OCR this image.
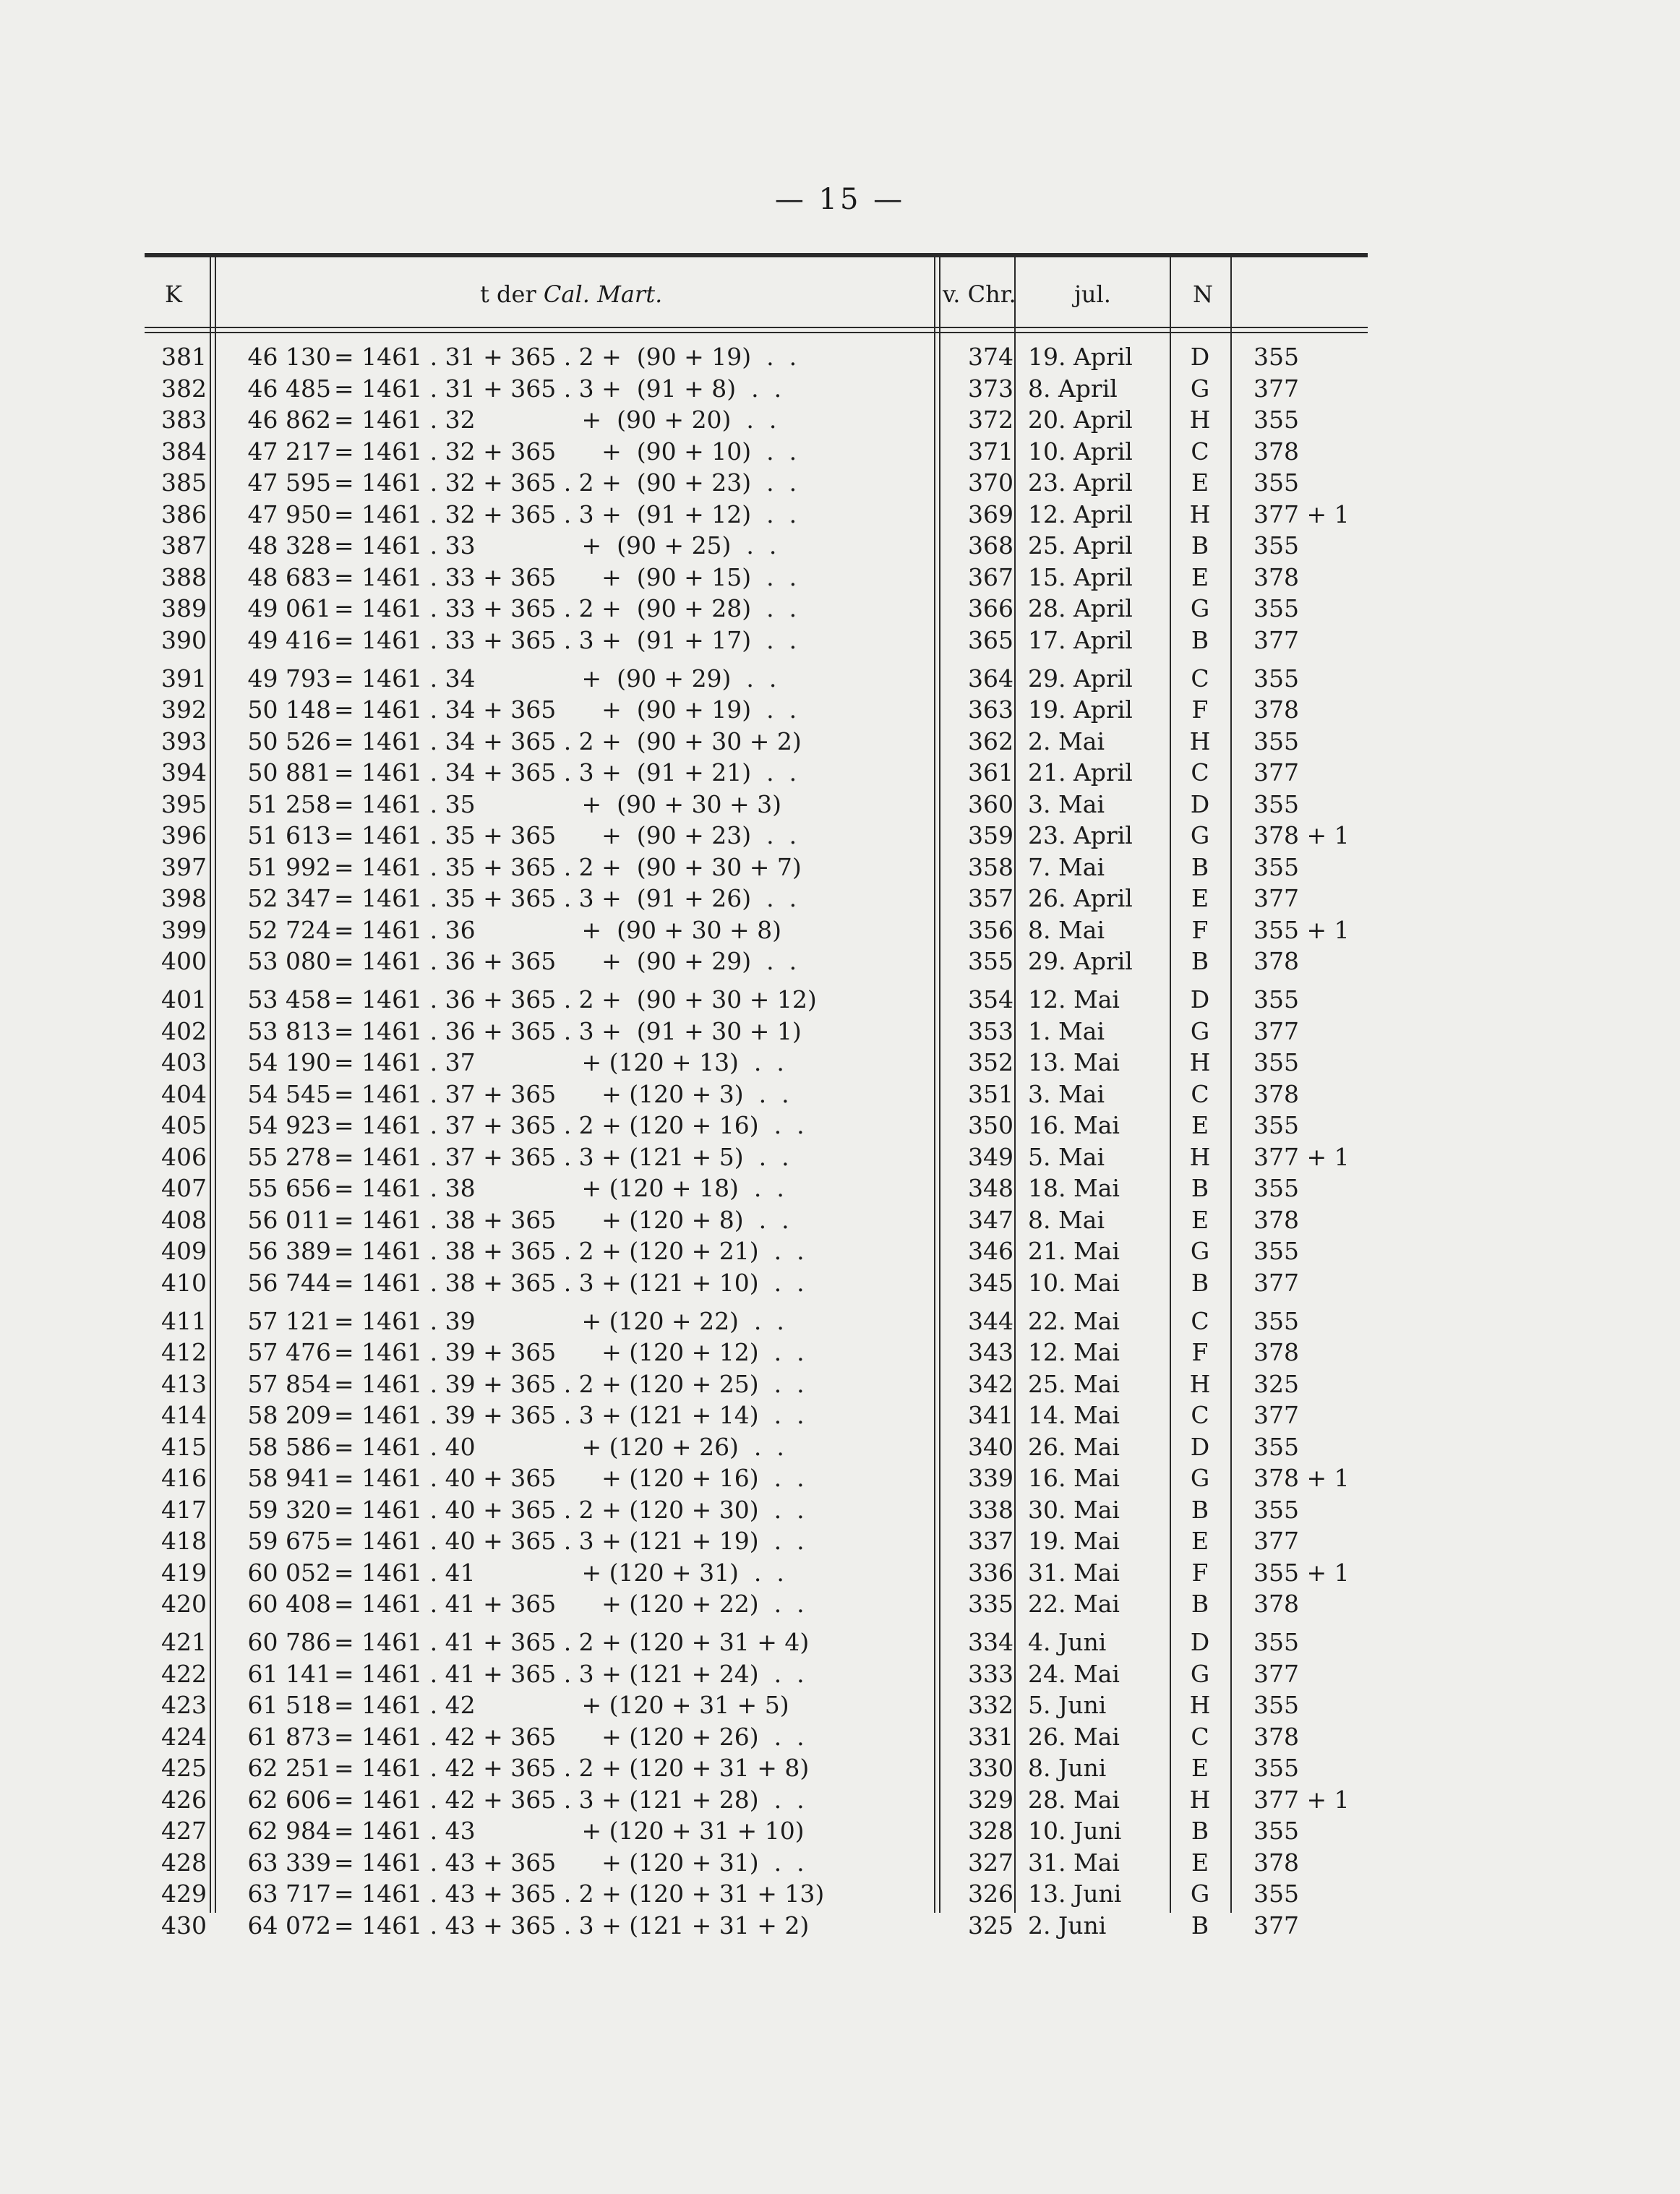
— 15 —
K	t der Cal. Mart.	v. Chr.	jul.	N
381	46 130 = 1461 . 31 + 365 . 2 +  (90 + 19)  .  .	374 19. April	D 355
382	46 485 = 1461 . 31 + 365 . 3 +  (91 + 8)  .  .	373 8. April	G 377
383	46 862 = 1461 . 32              +  (90 + 20)  .  .	372 20. April	H 355
384	47 217 = 1461 . 32 + 365      +  (90 + 10)  .  .	371 10. April	C 378
385	47 595 = 1461 . 32 + 365 . 2 +  (90 + 23)  .  .	370 23. April	E 355
386	47 950 = 1461 . 32 + 365 . 3 +  (91 + 12)  .  .	369 12. April	H 377 + 1
387	48 328 = 1461 . 33              +  (90 + 25)  .  .	368 25. April	B 355
388	48 683 = 1461 . 33 + 365      +  (90 + 15)  .  .	367 15. April	E 378
389	49 061 = 1461 . 33 + 365 . 2 +  (90 + 28)  .  .	366 28. April	G 355
390	49 416 = 1461 . 33 + 365 . 3 +  (91 + 17)  .  .	365 17. April	B 377
391	49 793 = 1461 . 34              +  (90 + 29)  .  .	364 29. April	C 355
392	50 148 = 1461 . 34 + 365      +  (90 + 19)  .  .	363 19. April	F 378
393	50 526 = 1461 . 34 + 365 . 2 +  (90 + 30 + 2)	362 2. Mai	H 355
394	50 881 = 1461 . 34 + 365 . 3 +  (91 + 21)  .  .	361 21. April	C 377
395	51 258 = 1461 . 35              +  (90 + 30 + 3)	360 3. Mai	D 355
396	51 613 = 1461 . 35 + 365      +  (90 + 23)  .  .	359 23. April	G 378 + 1
397	51 992 = 1461 . 35 + 365 . 2 +  (90 + 30 + 7)	358 7. Mai	B 355
398	52 347 = 1461 . 35 + 365 . 3 +  (91 + 26)  .  .	357 26. April	E 377
399	52 724 = 1461 . 36              +  (90 + 30 + 8)	356 8. Mai	F 355 + 1
400	53 080 = 1461 . 36 + 365      +  (90 + 29)  .  .	355 29. April	B 378
401	53 458 = 1461 . 36 + 365 . 2 +  (90 + 30 + 12)	354 12. Mai	D 355
402	53 813 = 1461 . 36 + 365 . 3 +  (91 + 30 + 1)	353 1. Mai	G 377
403	54 190 = 1461 . 37              + (120 + 13)  .  .	352 13. Mai	H 355
404	54 545 = 1461 . 37 + 365      + (120 + 3)  .  .	351 3. Mai	C 378
405	54 923 = 1461 . 37 + 365 . 2 + (120 + 16)  .  .	350 16. Mai	E 355
406	55 278 = 1461 . 37 + 365 . 3 + (121 + 5)  .  .	349 5. Mai	H 377 + 1
407	55 656 = 1461 . 38              + (120 + 18)  .  .	348 18. Mai	B 355
408	56 011 = 1461 . 38 + 365      + (120 + 8)  .  .	347 8. Mai	E 378
409	56 389 = 1461 . 38 + 365 . 2 + (120 + 21)  .  .	346 21. Mai	G 355
410	56 744 = 1461 . 38 + 365 . 3 + (121 + 10)  .  .	345 10. Mai	B 377
411	57 121 = 1461 . 39              + (120 + 22)  .  .	344 22. Mai	C 355
412	57 476 = 1461 . 39 + 365      + (120 + 12)  .  .	343 12. Mai	F 378
413	57 854 = 1461 . 39 + 365 . 2 + (120 + 25)  .  .	342 25. Mai	H 325
414	58 209 = 1461 . 39 + 365 . 3 + (121 + 14)  .  .	341 14. Mai	C 377
415	58 586 = 1461 . 40              + (120 + 26)  .  .	340 26. Mai	D 355
416	58 941 = 1461 . 40 + 365      + (120 + 16)  .  .	339 16. Mai	G 378 + 1
417	59 320 = 1461 . 40 + 365 . 2 + (120 + 30)  .  .	338 30. Mai	B 355
418	59 675 = 1461 . 40 + 365 . 3 + (121 + 19)  .  .	337 19. Mai	E 377
419	60 052 = 1461 . 41              + (120 + 31)  .  .	336 31. Mai	F 355 + 1
420	60 408 = 1461 . 41 + 365      + (120 + 22)  .  .	335 22. Mai	B 378
421	60 786 = 1461 . 41 + 365 . 2 + (120 + 31 + 4)	334 4. Juni	D 355
422	61 141 = 1461 . 41 + 365 . 3 + (121 + 24)  .  .	333 24. Mai	G 377
423	61 518 = 1461 . 42              + (120 + 31 + 5)	332 5. Juni	H 355
424	61 873 = 1461 . 42 + 365      + (120 + 26)  .  .	331 26. Mai	C 378
425	62 251 = 1461 . 42 + 365 . 2 + (120 + 31 + 8)	330 8. Juni	E 355
426	62 606 = 1461 . 42 + 365 . 3 + (121 + 28)  .  .	329 28. Mai	H 377 + 1
427	62 984 = 1461 . 43              + (120 + 31 + 10)	328 10. Juni	B 355
428	63 339 = 1461 . 43 + 365      + (120 + 31)  .  .	327 31. Mai	E 378
429	63 717 = 1461 . 43 + 365 . 2 + (120 + 31 + 13)	326 13. Juni	G 355
430	64 072 = 1461 . 43 + 365 . 3 + (121 + 31 + 2)	325 2. Juni	B 377
